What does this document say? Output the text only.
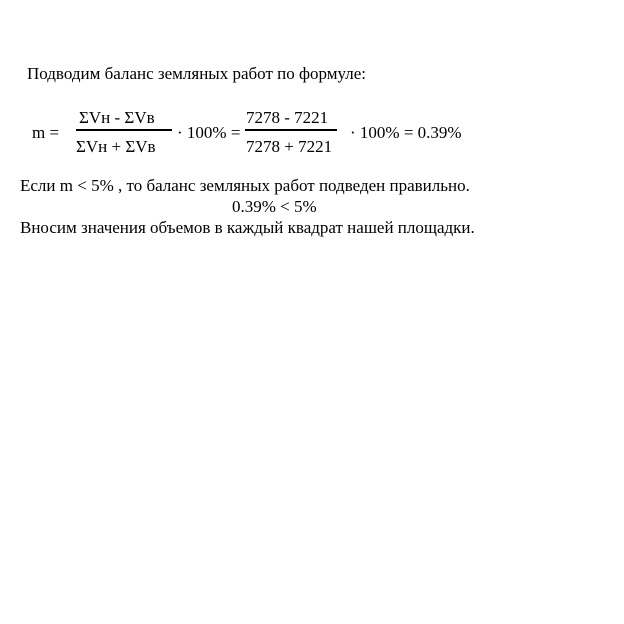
Подводим баланс земляных работ по формуле:
m =
ΣVн - ΣVв
ΣVн + ΣVв
· 100% =
7278 - 7221
7278 + 7221
· 100% = 0.39%
Если m < 5% , то баланс земляных работ подведен правильно.
0.39% < 5%
Вносим значения объемов в каждый квадрат нашей площадки.
